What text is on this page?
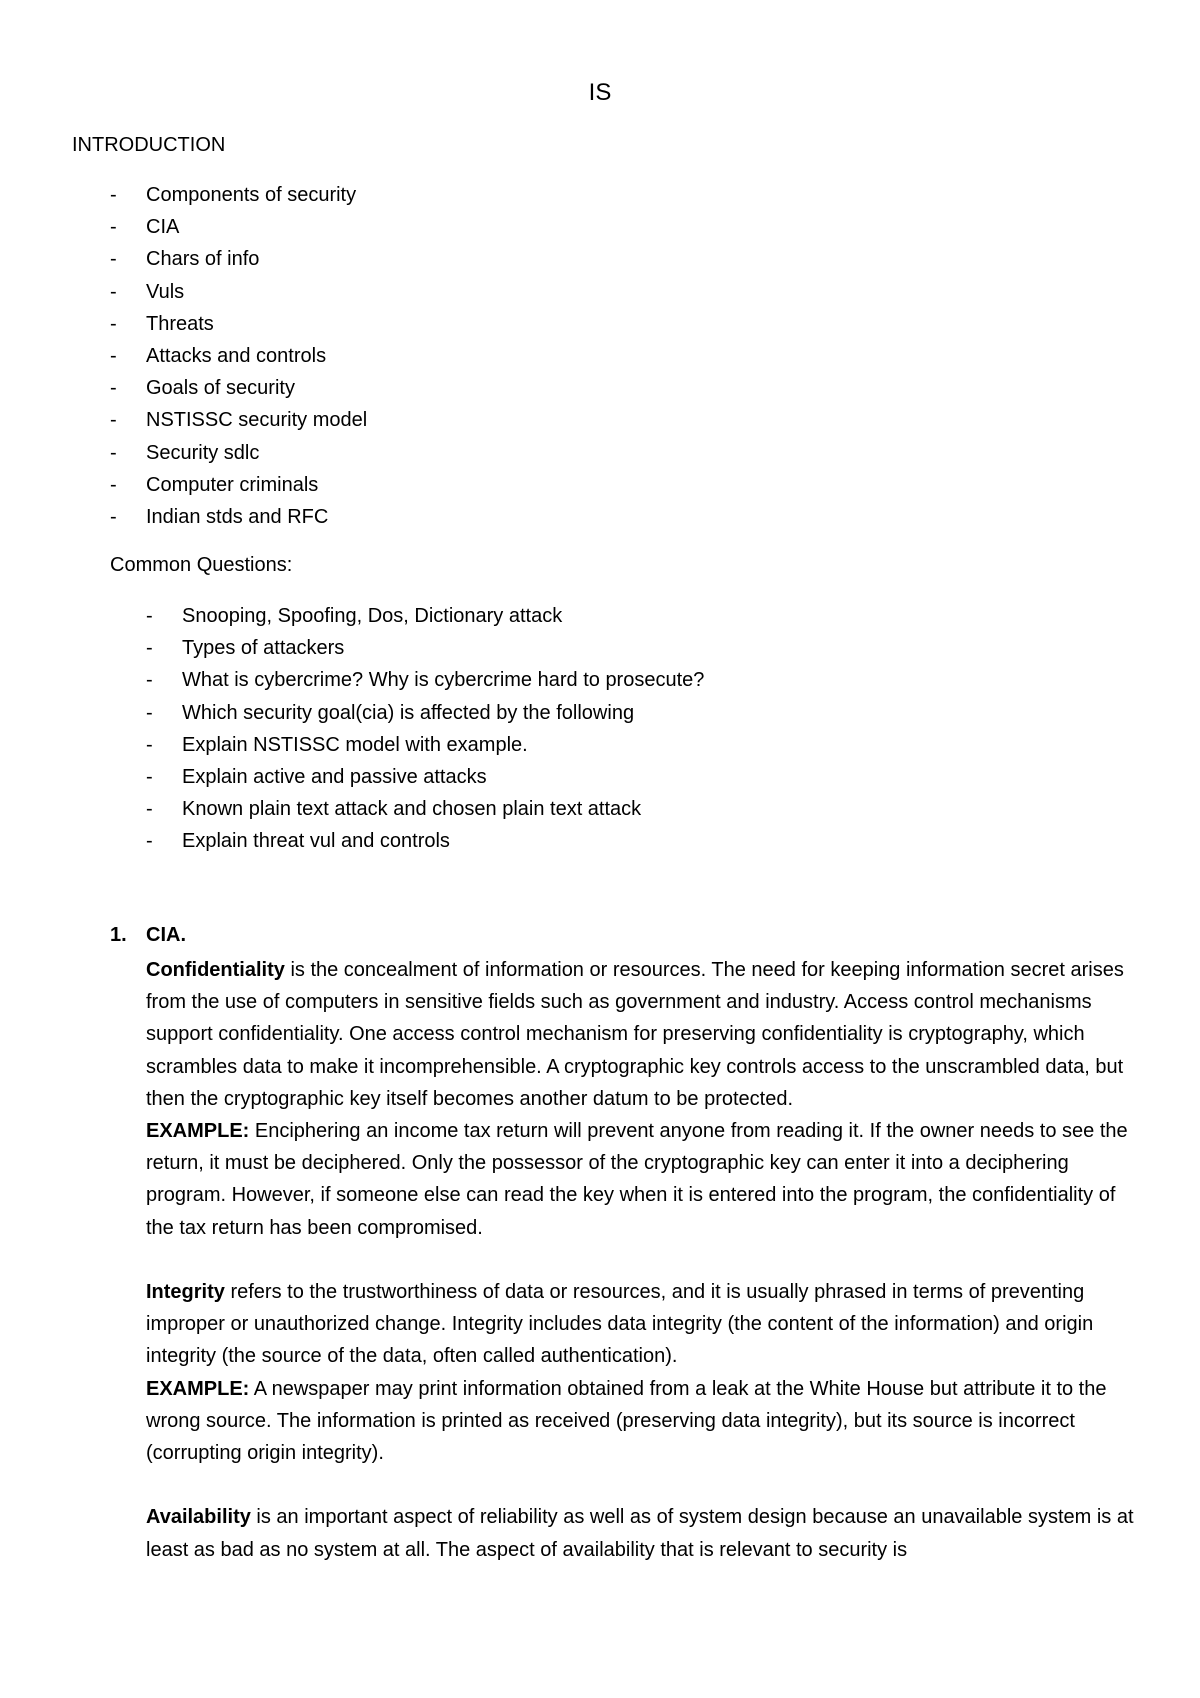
IS
INTRODUCTION
- Components of security
- CIA
- Chars of info
- Vuls
- Threats
- Attacks and controls
- Goals of security
- NSTISSC security model
- Security sdlc
- Computer criminals
- Indian stds and RFC

Common Questions:

- Snooping, Spoofing, Dos, Dictionary attack
- Types of attackers
- What is cybercrime? Why is cybercrime hard to prosecute?
- Which security goal(cia) is affected by the following
- Explain NSTISSC model with example.
- Explain active and passive attacks
- Known plain text attack and chosen plain text attack
- Explain threat vul and controls
1. CIA.

Confidentiality is the concealment of information or resources. The need for keeping information secret arises from the use of computers in sensitive fields such as government and industry. Access control mechanisms support confidentiality. One access control mechanism for preserving confidentiality is cryptography, which scrambles data to make it incomprehensible. A cryptographic key controls access to the unscrambled data, but then the cryptographic key itself becomes another datum to be protected.

EXAMPLE: Enciphering an income tax return will prevent anyone from reading it. If the owner needs to see the return, it must be deciphered. Only the possessor of the cryptographic key can enter it into a deciphering program. However, if someone else can read the key when it is entered into the program, the confidentiality of the tax return has been compromised.

Integrity refers to the trustworthiness of data or resources, and it is usually phrased in terms of preventing improper or unauthorized change. Integrity includes data integrity (the content of the information) and origin integrity (the source of the data, often called authentication).

EXAMPLE: A newspaper may print information obtained from a leak at the White House but attribute it to the wrong source. The information is printed as received (preserving data integrity), but its source is incorrect (corrupting origin integrity).

Availability is an important aspect of reliability as well as of system design because an unavailable system is at least as bad as no system at all. The aspect of availability that is relevant to security is
